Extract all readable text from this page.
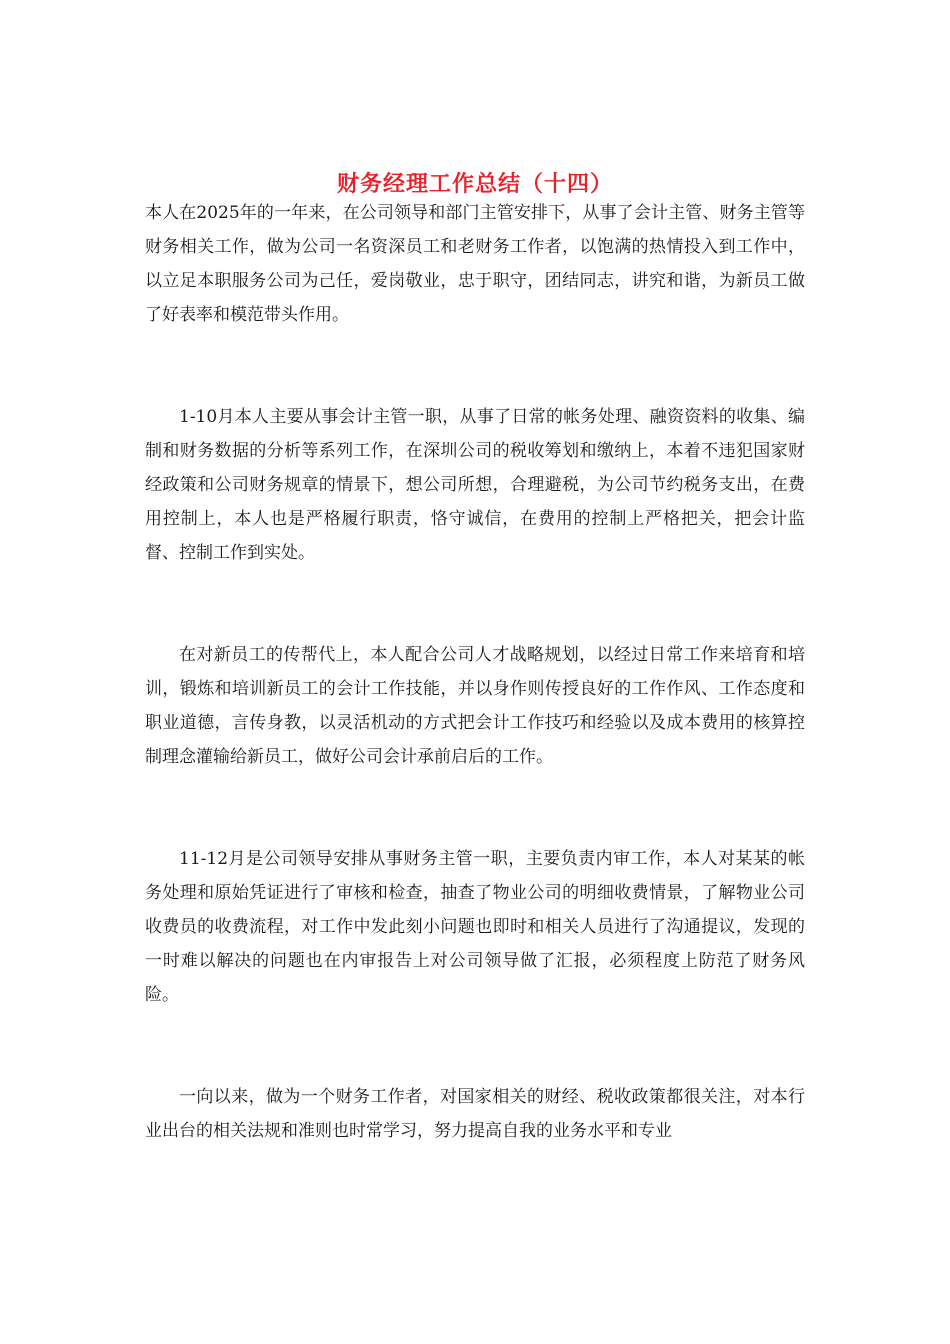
财务经理工作总结（十四）

本人在2025年的一年来，在公司领导和部门主管安排下，从事了会计主管、财务主管等财务相关工作，做为公司一名资深员工和老财务工作者，以饱满的热情投入到工作中，以立足本职服务公司为己任，爱岗敬业，忠于职守，团结同志，讲究和谐，为新员工做了好表率和模范带头作用。

1-10月本人主要从事会计主管一职，从事了日常的帐务处理、融资资料的收集、编制和财务数据的分析等系列工作，在深圳公司的税收筹划和缴纳上，本着不违犯国家财经政策和公司财务规章的情景下，想公司所想，合理避税，为公司节约税务支出，在费用控制上，本人也是严格履行职责，恪守诚信，在费用的控制上严格把关，把会计监督、控制工作到实处。

在对新员工的传帮代上，本人配合公司人才战略规划，以经过日常工作来培育和培训，锻炼和培训新员工的会计工作技能，并以身作则传授良好的工作作风、工作态度和职业道德，言传身教，以灵活机动的方式把会计工作技巧和经验以及成本费用的核算控制理念灌输给新员工，做好公司会计承前启后的工作。

11-12月是公司领导安排从事财务主管一职，主要负责内审工作，本人对某某的帐务处理和原始凭证进行了审核和检查，抽查了物业公司的明细收费情景，了解物业公司收费员的收费流程，对工作中发此刻小问题也即时和相关人员进行了沟通提议，发现的一时难以解决的问题也在内审报告上对公司领导做了汇报，必须程度上防范了财务风险。

一向以来，做为一个财务工作者，对国家相关的财经、税收政策都很关注，对本行业出台的相关法规和准则也时常学习，努力提高自我的业务水平和专业
